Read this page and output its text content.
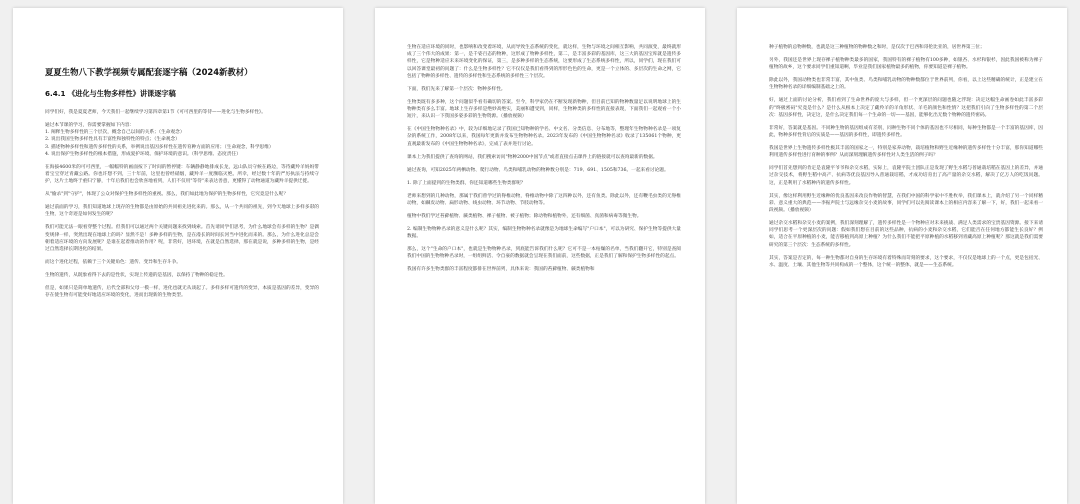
夏夏生物八下教学视频专属配套逐字稿（2024新教材）
6.4.1 《进化与生物多样性》讲课逐字稿

同学们好，我是夏夏老师，今天我们一起继续学习第四章第1节《可可西里的等待——进化与生物多样性》。

通过本节课的学习，你需要掌握如下内容：

1. 阐释生物多样性的三个层次，概念自己以间的关系；（生命观念）

2. 说出我国生物多样性具有丰富性和独特性的特点；（生命观念）

3. 描述物种多样性和遗传多样性的关系，举例说出基因多样性在遗传育种方面的应用；（生命观念，科学思维）

4. 说出保护生物多样性的根本措施，形成爱护环境、保护环境的意识。（科学思维、态度责任）

在海拔4600米的可可西里，一幅幅特的画面按下了时间的暂停键：车辆静静地排成长龙，远山队员守候在路边，等待藏羚羊妈妈带着宝宝穿过青藏公路。你也许想不到，三十年前，这里也曾经硝烟，藏羚羊一度濒临灭绝。所幸，经过数十年的严厉执法与持续守护，这片土地终于重归宁静，十年后我们也会欣喜地看到，人们不仅用"等待"来表达善意，更懂得了动物通道为藏羚羊提供迁徙。

从"偷杀"到"守护"，体现了公众对保护生物多样性的重视。那么，我们如此地为保护的生物多样性，它究竟是什么呢？

通过前面的学习，我们知道地球上现存的生物都是由原始的共同祖先进化来的。那么，从一个共同的祖先，到今天地球上多样多彩的生物，这个奇迹是如何发生的呢？

我们可能无法一眼看穿整个过程。但我们可以通过两个关键问题来找到线索。首先请同学们思考，为什么地球会有多样的生物？是偶变规律一样，突然出现在地球上的吗？显然不是！多种多样的生物，是在漫长的时间长河当中进化而来的。那么，为什么进化总是会朝着适应环境的方向发展呢？是谁在起着推动的作用？呢，非常好，进环境，在就是自然选择，那在就是说，多种多样的生物，是经过自然选择长期进化的结果。

而这个进化过程，依赖于三个关键角色：遗传、变异和生存斗争。

生物的遗传，从既象看得下去的是性状，实现上传递的是基因，以保持了物种的稳定性。

但是，如果只是简单地遗传，后代全部和父母一模一样，进化也就无从谈起了。多样多样可遗传的变异，本质是基因的差异，变异的存在使生物有可能变好地适应环境的变化，进而出现新的生物类型。

生物在适应环境的同时，也影响和改变着环境，从而导致生态系统的变化，就这样，生物与环境之间相互影响，共同演变，最终就形成了三个伟大的成果：第一，是千姿百态的物种，这形成了物种多样性，第二，是丰富多彩的基因库，这三大的基因宝库就是遗传多样性，它是物种适应未来环境变化的保证，第三，是多种多样的生态系统，这要形成了生态系统多样性，所以，同学们，现在我们可以回答课堂最初的问题了：什么是生物多样性？它不仅仅是我们看得到的形形色色的生命，更是一个立体的、多层次的生命之网，它包括了物种的多样性、遗传的多样性和生态系统的多样性三个层次。

下面，我们先来了解第一个层次：物种多样性。

生物类既有多多种，这个问题似乎看有确切的答案。至今，科学家仍在不断发现新物种，但目前已知的物种数量足以说明地球上的生物种类有多么丰富。地球上生存多样是绝妙高绝实，美丽和遭受到，同样，生物种类的多样性的直接表现，下面我们一起观看一个小短片，来认识一下我国多姿多彩的生物资源。（播放视频）

在《中国生物物种名录》中，较为详细地记录了我国已知物种的学名、中文名、分类信息、分布地等，整理年生物物种名录是一项复杂的系统工作，2008年以来，我国每年更新并发布生物物种名录。2023年发布的《中国生物物种名录》收录了135061个物种，更直观最新发布的《中国生物物种名录》，完成了表并进行讨论。

课本上为我们提供了查询的网站，我们搜索访问"物种2000中国节点"或者直接点击课件上的链接就可以查询最新的数据。

通过查询，可知2025年两栖动物、爬行动物、鸟类和哺乳动物的物种数分别是：719、691、1505和736。一起来看讨论题。

1. 除了上面提到的生物类群，你还知道哪些生物类群呢？

老师来想到的几种动物，那属于我们曾学过的脊椎动物，脊椎动物中除了这四种以外，还有鱼类。除此以外，还有鞭毛虫类的无脊椎动物，如棘皮动物、扁形动物、线虫动物、环节动物、节肢动物等。

植物中我们学过苔藓植物、蕨类植物、裸子植物、被子植物；除动物和植物外，还有细菌、真菌和病毒等微生物。

2. 编制生物物种名录的意义是什么呢？其实，编制生物物种名录就像是为地球生命编写"户口本"，可以为研究、保护生物等提供大量数据。

那么，这个"生命的户口本"，也就是生物物种名录，到底能告诉我们什么呢？它可不是一本枯燥的名单，当我们翻开它，特别是查阅我们中国的生物物种名录时，一组组鲜活、令自豪的数据就会呈现在我们面前，这些数据，正是我们了解和保护生物多样性的起点。

我国有许多生物类群的丰富程度都排在世界前列，具体来说：我国的苔藓植物、蕨类植物和

种子植物的总物种数，也就是这三种植物的物种数之和时，是仅次于巴西和哥伦比亚的，居世界第三位；

另外，我国还是世界上现存裸子植物种类最多的国家，我国特有的裸子植物有100多种，如银杏、水杉和银杉，因此我国被称为裸子植物的故乡，这个要求同学们重知道啊，毕业是我们国家植物最多的植物，你要知道是裸子植物。

除此以外，我国动物类也非常丰富，其中鱼类、鸟类和哺乳动物的物种数都位于世界前列，你看，以上这些精确的统计，正是建立在生物物种名录的详细编制基础之上的。

好，通过上面的讨论分析，我们看到了生命世界的庞大与多样，但一个更深层的问题也随之浮现：决定这幅生命画卷如此丰富多彩的"终极密码"究竟是什么？是什么从根本上决定了藏羚羊的羊角形状、羊毛的颜色和性情？这把我们引向了生物多样性的第二个层次：基因多样性，决定这，是什么决定我们每一个生命的一切——基因，能够化出无数个物种的遗传密码。

非常好，答案就是基因。不同种生物的基因组成有差别，同种生物不同个体的基因也不尽相同，每种生物都是一个丰富的基因库，因此，物种多样性背后的实质是——基因的多样性，即遗传多样性。

我国是世界上生物遗传多样性极其丰富的国家之一，特别是家养动物，栽培植物和野生近缘种的遗传多样性十分丰富，那你知道哪些利用遗传多样性进行育种的事例？从而深刻理解遗传多样性对人类生活的例子吗？

同学们首先想到的肯定是袁隆平爷爷和杂交水稻，实际上，袁隆平院士团队正是发现了野生水稻与普通栽培稻在基因上的差异，并通过杂交技术，将野生稻中高产、抗病等优良基因导入普通栽培稻，才成功培育出了高产量的杂交水稻，解决了亿万人的吃饭问题。这，正是利用了水稻种内的遗传多样性。

其实，像这样利用野生近缘种的优良基因来改良作物的智慧，在我们中国的科学家中不胜枚举，我们课本上，就介绍了另一个同样精彩、意义重大的典范——李振声院士与远缘杂交小麦的故事，同学们可以先阅读课本上的相应内容来了解一下，好，我们一起来看一段视频。（播放视频）

通过杂交水稻和杂交小麦的案例，我们深刻理解了，遗传多样性是一个物种应对未来挑战、满足人类需求的宝贵基因资源。接下来请同学们思考一个更深层次的问题：假如我们想在目前的这些品种，抗病的小麦和杂交水稻，它们能否在任何地方都能生长良好？例如，适合在平原种植的小麦，能否移植到高原上种植？为什么我们不能把平原种植的水稻移到青藏高原上种植呢？那这就是我们需要研究的第三个层次：生态系统的多样性。

其实，答案是否定的，每一种生物都对自身的生存环境有着特殊而苛刻的要求，这个要求，不仅仅是地球上的一个点，更是包括光、水、温度、土壤、其他生物等共同构成的一个整体，这个统一的整体，就是——生态系统。
